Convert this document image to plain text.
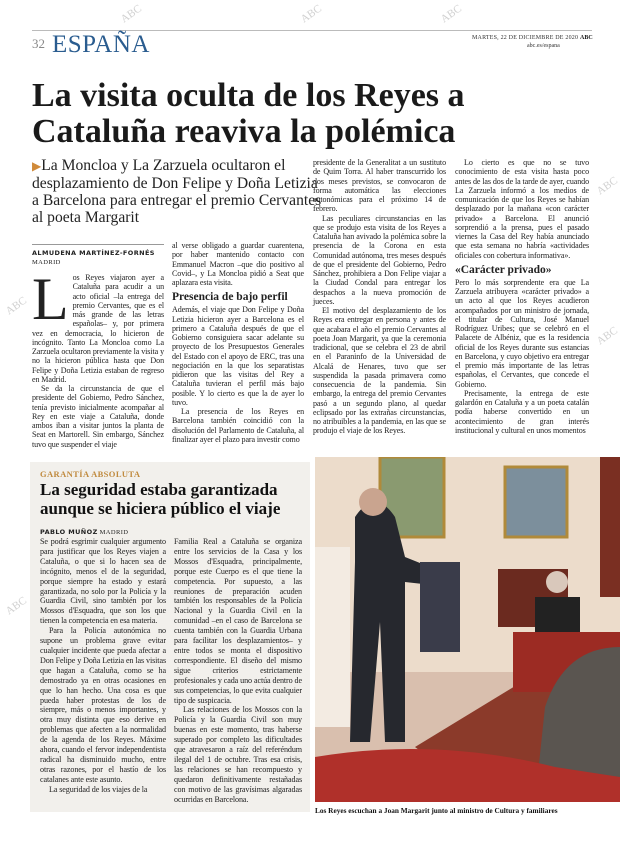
32 ESPAÑA	MARTES, 22 DE DICIEMBRE DE 2020 ABC
abc.es/espana
La visita oculta de los Reyes a Cataluña reaviva la polémica
▶La Moncloa y La Zarzuela ocultaron el desplazamiento de Don Felipe y Doña Letizia a Barcelona para entregar el premio Cervantes al poeta Margarit
ALMUDENA MARTÍNEZ-FORNÉS
MADRID

Los Reyes viajaron ayer a Cataluña para acudir a un acto oficial –la entrega del premio Cervantes, que es el más grande de las letras españolas– y, por primera vez en democracia, lo hicieron de incógnito. Tanto La Moncloa como La Zarzuela ocultaron previamente la visita y no la hicieron pública hasta que Don Felipe y Doña Letizia estaban de regreso en Madrid.

Se da la circunstancia de que el presidente del Gobierno, Pedro Sánchez, tenía previsto inicialmente acompañar al Rey en este viaje a Cataluña, donde ambos iban a visitar juntos la planta de Seat en Martorell. Sin embargo, Sánchez tuvo que suspender el viaje

al verse obligado a guardar cuarentena, por haber mantenido contacto con Emmanuel Macron –que dio positivo al Covid–, y La Moncloa pidió a Seat que aplazara esta visita.

Presencia de bajo perfil

Además, el viaje que Don Felipe y Doña Letizia hicieron ayer a Barcelona es el primero a Cataluña después de que el Gobierno consiguiera sacar adelante su proyecto de los Presupuestos Generales del Estado con el apoyo de ERC, tras una negociación en la que los separatistas pidieron que las visitas del Rey a Cataluña tuvieran el perfil más bajo posible. Y lo cierto es que la de ayer lo tuvo.

La presencia de los Reyes en Barcelona también coincidió con la disolución del Parlamento de Cataluña, al finalizar ayer el plazo para investir como

presidente de la Generalitat a un sustituto de Quim Torra. Al haber transcurrido los dos meses previstos, se convocaron de forma automática las elecciones autonómicas para el próximo 14 de febrero.

Las peculiares circunstancias en las que se produjo esta visita de los Reyes a Cataluña han avivado la polémica sobre la presencia de la Corona en esta Comunidad autónoma, tres meses después de que el presidente del Gobierno, Pedro Sánchez, prohibiera a Don Felipe viajar a la Ciudad Condal para entregar los despachos a la nueva promoción de jueces.

El motivo del desplazamiento de los Reyes era entregar en persona y antes de que acabara el año el premio Cervantes al poeta Joan Margarit, ya que la ceremonia tradicional, que se celebra el 23 de abril en el Paraninfo de la Universidad de Alcalá de Henares, tuvo que ser suspendida la pasada primavera como consecuencia de la pandemia. Sin embargo, la entrega del premio Cervantes pasó a un segundo plano, al quedar eclipsado por las extrañas circunstancias, no atribuibles a la pandemia, en las que se produjo el viaje de los Reyes.

Lo cierto es que no se tuvo conocimiento de esta visita hasta poco antes de las dos de la tarde de ayer, cuando La Zarzuela informó a los medios de comunicación de que los Reyes se habían desplazado por la mañana «con carácter privado» a Barcelona. El anunció sorprendió a la prensa, pues el pasado viernes la Casa del Rey había anunciado que esta semana no habría «actividades oficiales con cobertura informativa».

«Carácter privado»

Pero lo más sorprendente era que La Zarzuela atribuyera «carácter privado» a un acto al que los Reyes acudieron acompañados por un ministro de jornada, el titular de Cultura, José Manuel Rodríguez Uribes; que se celebró en el Palacete de Albéniz, que es la residencia oficial de los Reyes durante sus estancias en Barcelona, y cuyo objetivo era entregar el premio más importante de las letras españolas, el Cervantes, que concede el Gobierno.

Precisamente, la entrega de este galardón en Cataluña y a un poeta catalán podía haberse convertido en un acontecimiento de gran interés institucional y cultural en unos momentos

GARANTÍA ABSOLUTA
La seguridad estaba garantizada aunque se hiciera público el viaje

PABLO MUÑOZ MADRID

Se podrá esgrimir cualquier argumento para justificar que los Reyes viajen a Cataluña, o que si lo hacen sea de incógnito, menos el de la seguridad, porque siempre ha estado y estará garantizada, no solo por la Policía y la Guardia Civil, sino también por los Mossos d'Esquadra, que son los que tienen la competencia en esa materia.

Para la Policía autonómica no supone un problema grave evitar cualquier incidente que pueda afectar a Don Felipe y Doña Letizia en las visitas que hagan a Cataluña, como se ha demostrado ya en otras ocasiones en que lo han hecho. Una cosa es que pueda haber protestas de los de siempre, más o menos importantes, y otra muy distinta que eso derive en problemas que afecten a la normalidad de la agenda de los Reyes. Máxime ahora, cuando el fervor independentista radical ha disminuido mucho, entre otras razones, por el hastío de los catalanes ante este asunto.

La seguridad de los viajes de la

Familia Real a Cataluña se organiza entre los servicios de la Casa y los Mossos d'Esquadra, principalmente, porque este Cuerpo es el que tiene la competencia. Por supuesto, a las reuniones de preparación acuden también los responsables de la Policía Nacional y la Guardia Civil en la comunidad –en el caso de Barcelona se cuenta también con la Guardia Urbana para facilitar los desplazamientos– y entre todos se monta el dispositivo correspondiente. El diseño del mismo sigue criterios estrictamente profesionales y cada uno actúa dentro de sus competencias, lo que evita cualquier tipo de suspicacia.

Las relaciones de los Mossos con la Policía y la Guardia Civil son muy buenas en este momento, tras haberse superado por completo las dificultades que atravesaron a raíz del referéndum ilegal del 1 de octubre. Tras esa crisis, las relaciones se han recompuesto y quedaron definitivamente restañadas con motivo de las gravísimas algaradas ocurridas en Barcelona.

Los Reyes escuchan a Joan Margarit junto al ministro de Cultura y familiares
ABC	ABC	ABC
ABC
ABC
ABC
ABC
